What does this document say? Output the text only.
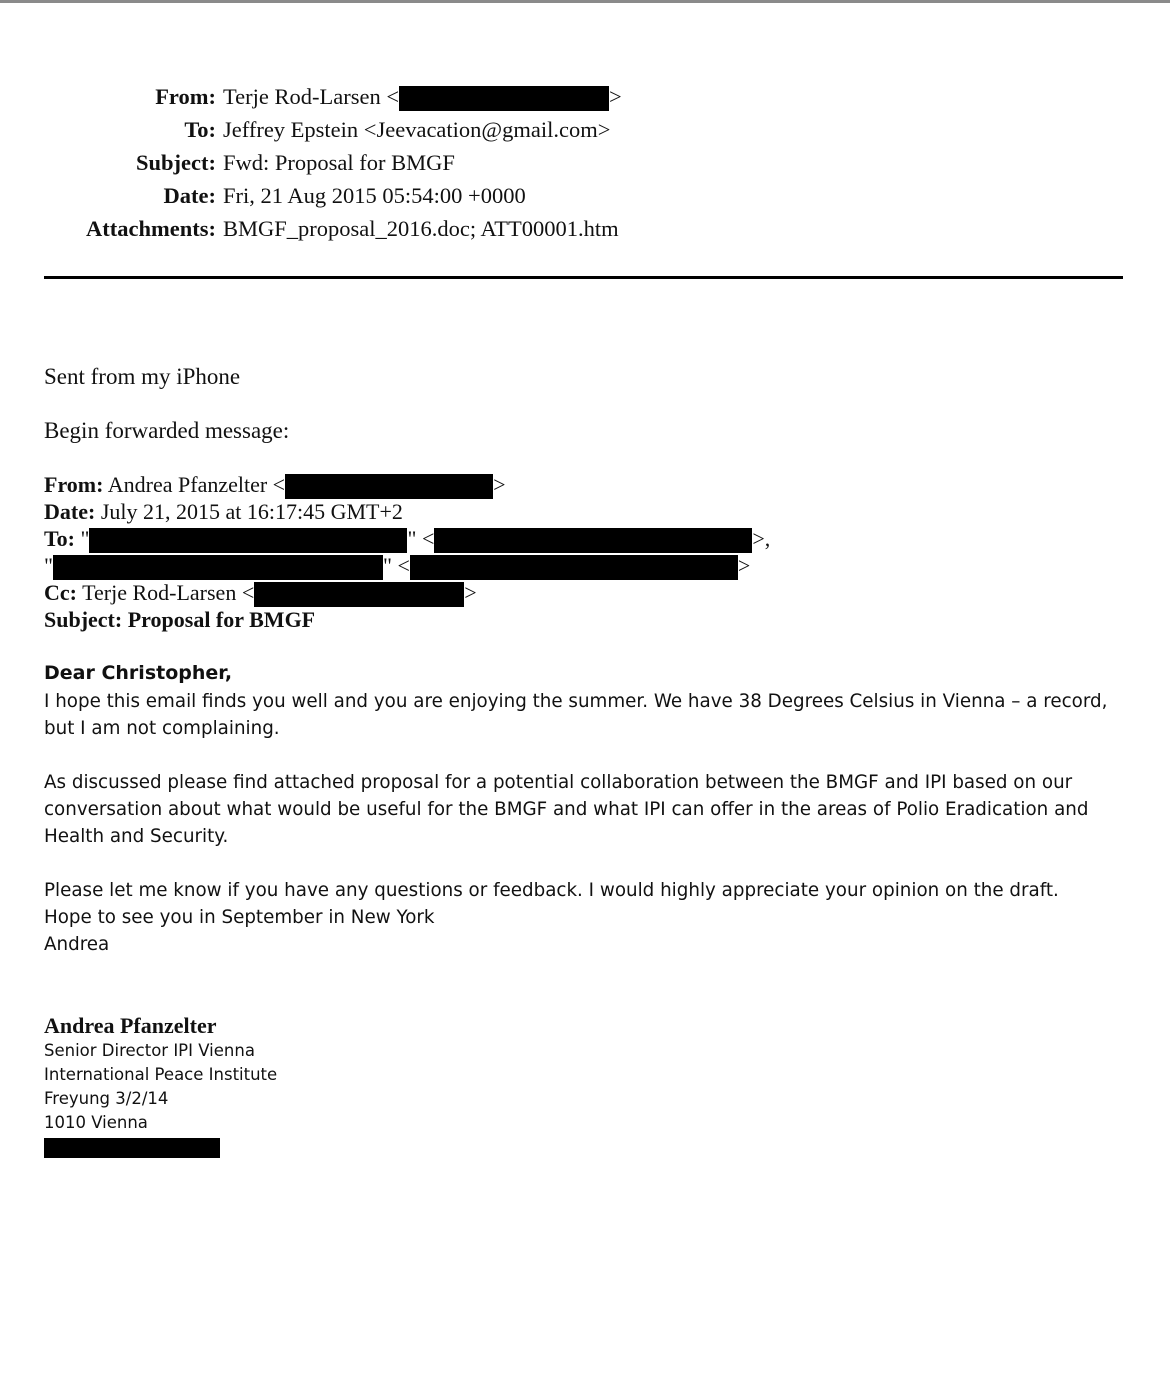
From: Terje Rod-Larsen <	>
To: Jeffrey Epstein <Jeevacation@gmail.com>
Subject: Fwd: Proposal for BMGF
Date: Fri, 21 Aug 2015 05:54:00 +0000
Attachments: BMGF_proposal_2016.doc; ATT00001.htm
Sent from my iPhone
Begin forwarded message:
From: Andrea Pfanzelter <	>
Date: July 21, 2015 at 16:17:45 GMT+2
To: "	" <	>,
"	" <	>
Cc: Terje Rod-Larsen <	>
Subject: Proposal for BMGF
Dear Christopher,
I hope this email finds you well and you are enjoying the summer. We have 38 Degrees Celsius in Vienna – a record, but I am not complaining.
As discussed please find attached proposal for a potential collaboration between the BMGF and IPI based on our conversation about what would be useful for the BMGF and what IPI can offer in the areas of Polio Eradication and Health and Security.
Please let me know if you have any questions or feedback. I would highly appreciate your opinion on the draft.
Hope to see you in September in New York
Andrea
Andrea Pfanzelter
Senior Director IPI Vienna
International Peace Institute
Freyung 3/2/14
1010 Vienna
